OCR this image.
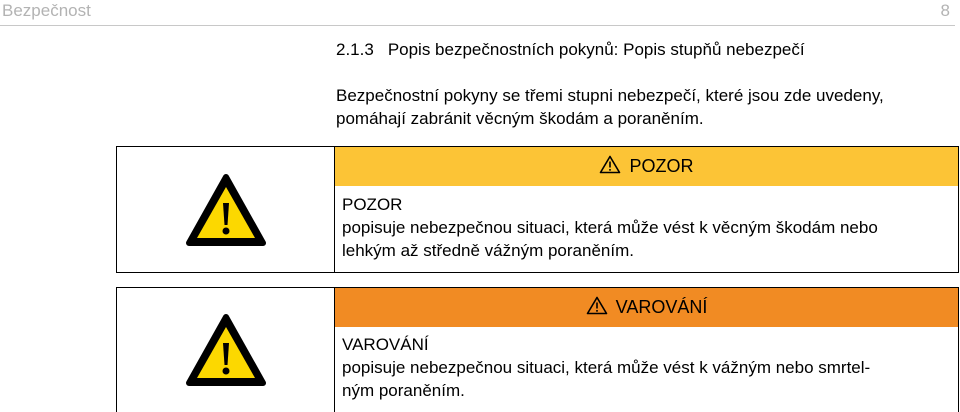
Bezpečnost	8
2.1.3 Popis bezpečnostních pokynů: Popis stupňů nebezpečí
Bezpečnostní pokyny se třemi stupni nebezpečí, které jsou zde uvedeny,
pomáhají zabránit věcným škodám a poraněním.
POZOR
POZOR
popisuje nebezpečnou situaci, která může vést k věcným škodám nebo
lehkým až středně vážným poraněním.
VAROVÁNÍ
VAROVÁNÍ
popisuje nebezpečnou situaci, která může vést k vážným nebo smrtel-
ným poraněním.
